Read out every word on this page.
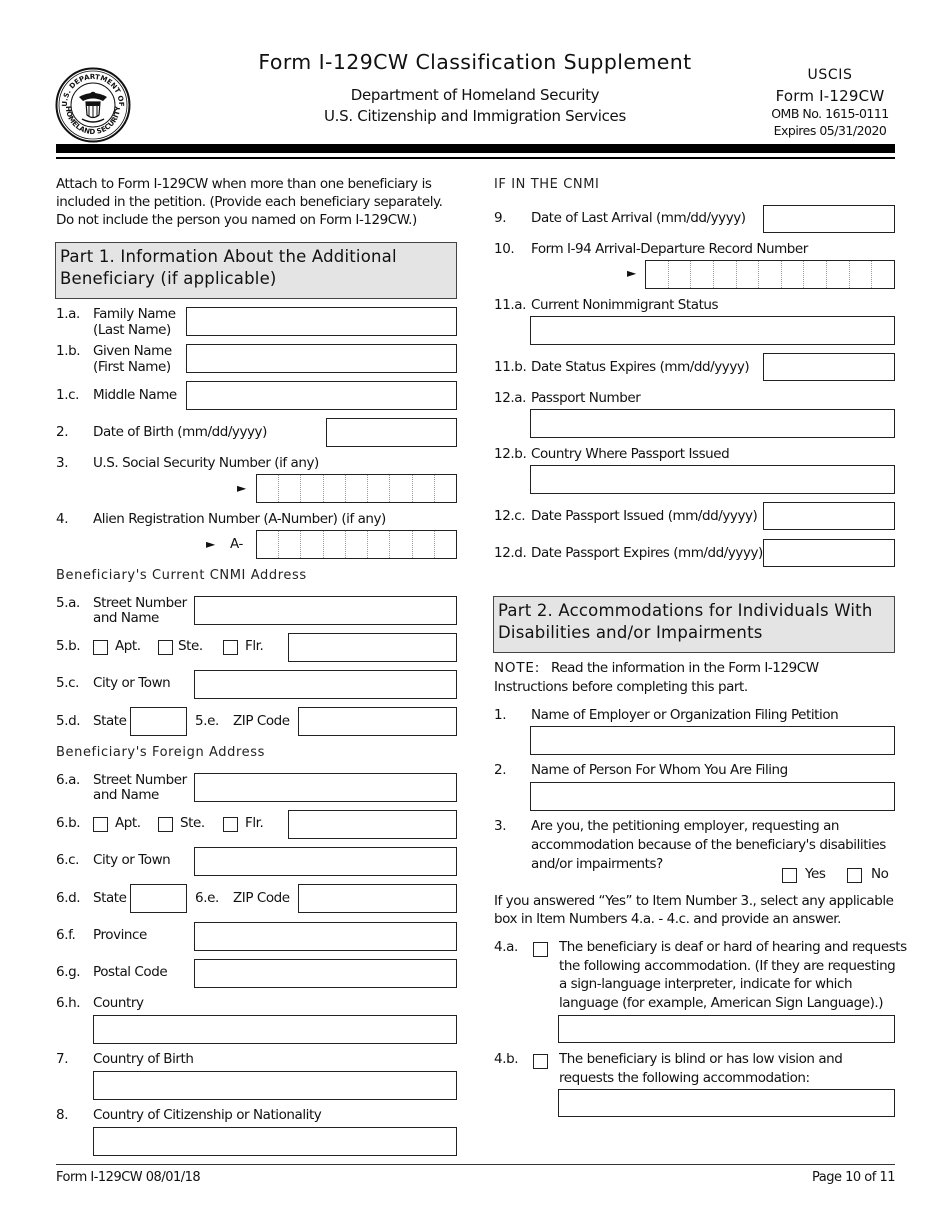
U.S. DEPARTMENT OF
HOMELAND SECURITY
Form I-129CW Classification Supplement
Department of Homeland Security
U.S. Citizenship and Immigration Services
USCIS
Form I-129CW
OMB No. 1615-0111
Expires 05/31/2020
Attach to Form I-129CW when more than one beneficiary is
included in the petition. (Provide each beneficiary separately.
Do not include the person you named on Form I-129CW.)
Part 1. Information About the Additional
Beneficiary (if applicable)
1.a. Family Name
(Last Name)
1.b. Given Name
(First Name)
1.c. Middle Name
2. Date of Birth (mm/dd/yyyy)
3. U.S. Social Security Number (if any)
►
4. Alien Registration Number (A-Number) (if any)
► A-
Beneficiary's Current CNMI Address
5.a. Street Number
and Name
5.b.	Apt.	Ste.	Flr.
5.c. City or Town
5.d. State	5.e. ZIP Code
Beneficiary's Foreign Address
6.a. Street Number
and Name
6.b.	Apt.	Ste.	Flr.
6.c. City or Town
6.d. State	6.e. ZIP Code
6.f. Province
6.g. Postal Code
6.h. Country
7. Country of Birth
8. Country of Citizenship or Nationality
IF IN THE CNMI
9. Date of Last Arrival (mm/dd/yyyy)
10. Form I-94 Arrival-Departure Record Number
►
11.a. Current Nonimmigrant Status
11.b. Date Status Expires (mm/dd/yyyy)
12.a. Passport Number
12.b. Country Where Passport Issued
12.c. Date Passport Issued (mm/dd/yyyy)
12.d. Date Passport Expires (mm/dd/yyyy)
Part 2. Accommodations for Individuals With
Disabilities and/or Impairments
NOTE: Read the information in the Form I-129CW
Instructions before completing this part.
1. Name of Employer or Organization Filing Petition
2. Name of Person For Whom You Are Filing
3. Are you, the petitioning employer, requesting an
accommodation because of the beneficiary's disabilities
and/or impairments?
Yes	No
If you answered “Yes” to Item Number 3., select any applicable
box in Item Numbers 4.a. - 4.c. and provide an answer.
4.a.	The beneficiary is deaf or hard of hearing and requests
the following accommodation. (If they are requesting
a sign-language interpreter, indicate for which
language (for example, American Sign Language).)
4.b.	The beneficiary is blind or has low vision and
requests the following accommodation:
Form I-129CW 08/01/18	Page 10 of 11
